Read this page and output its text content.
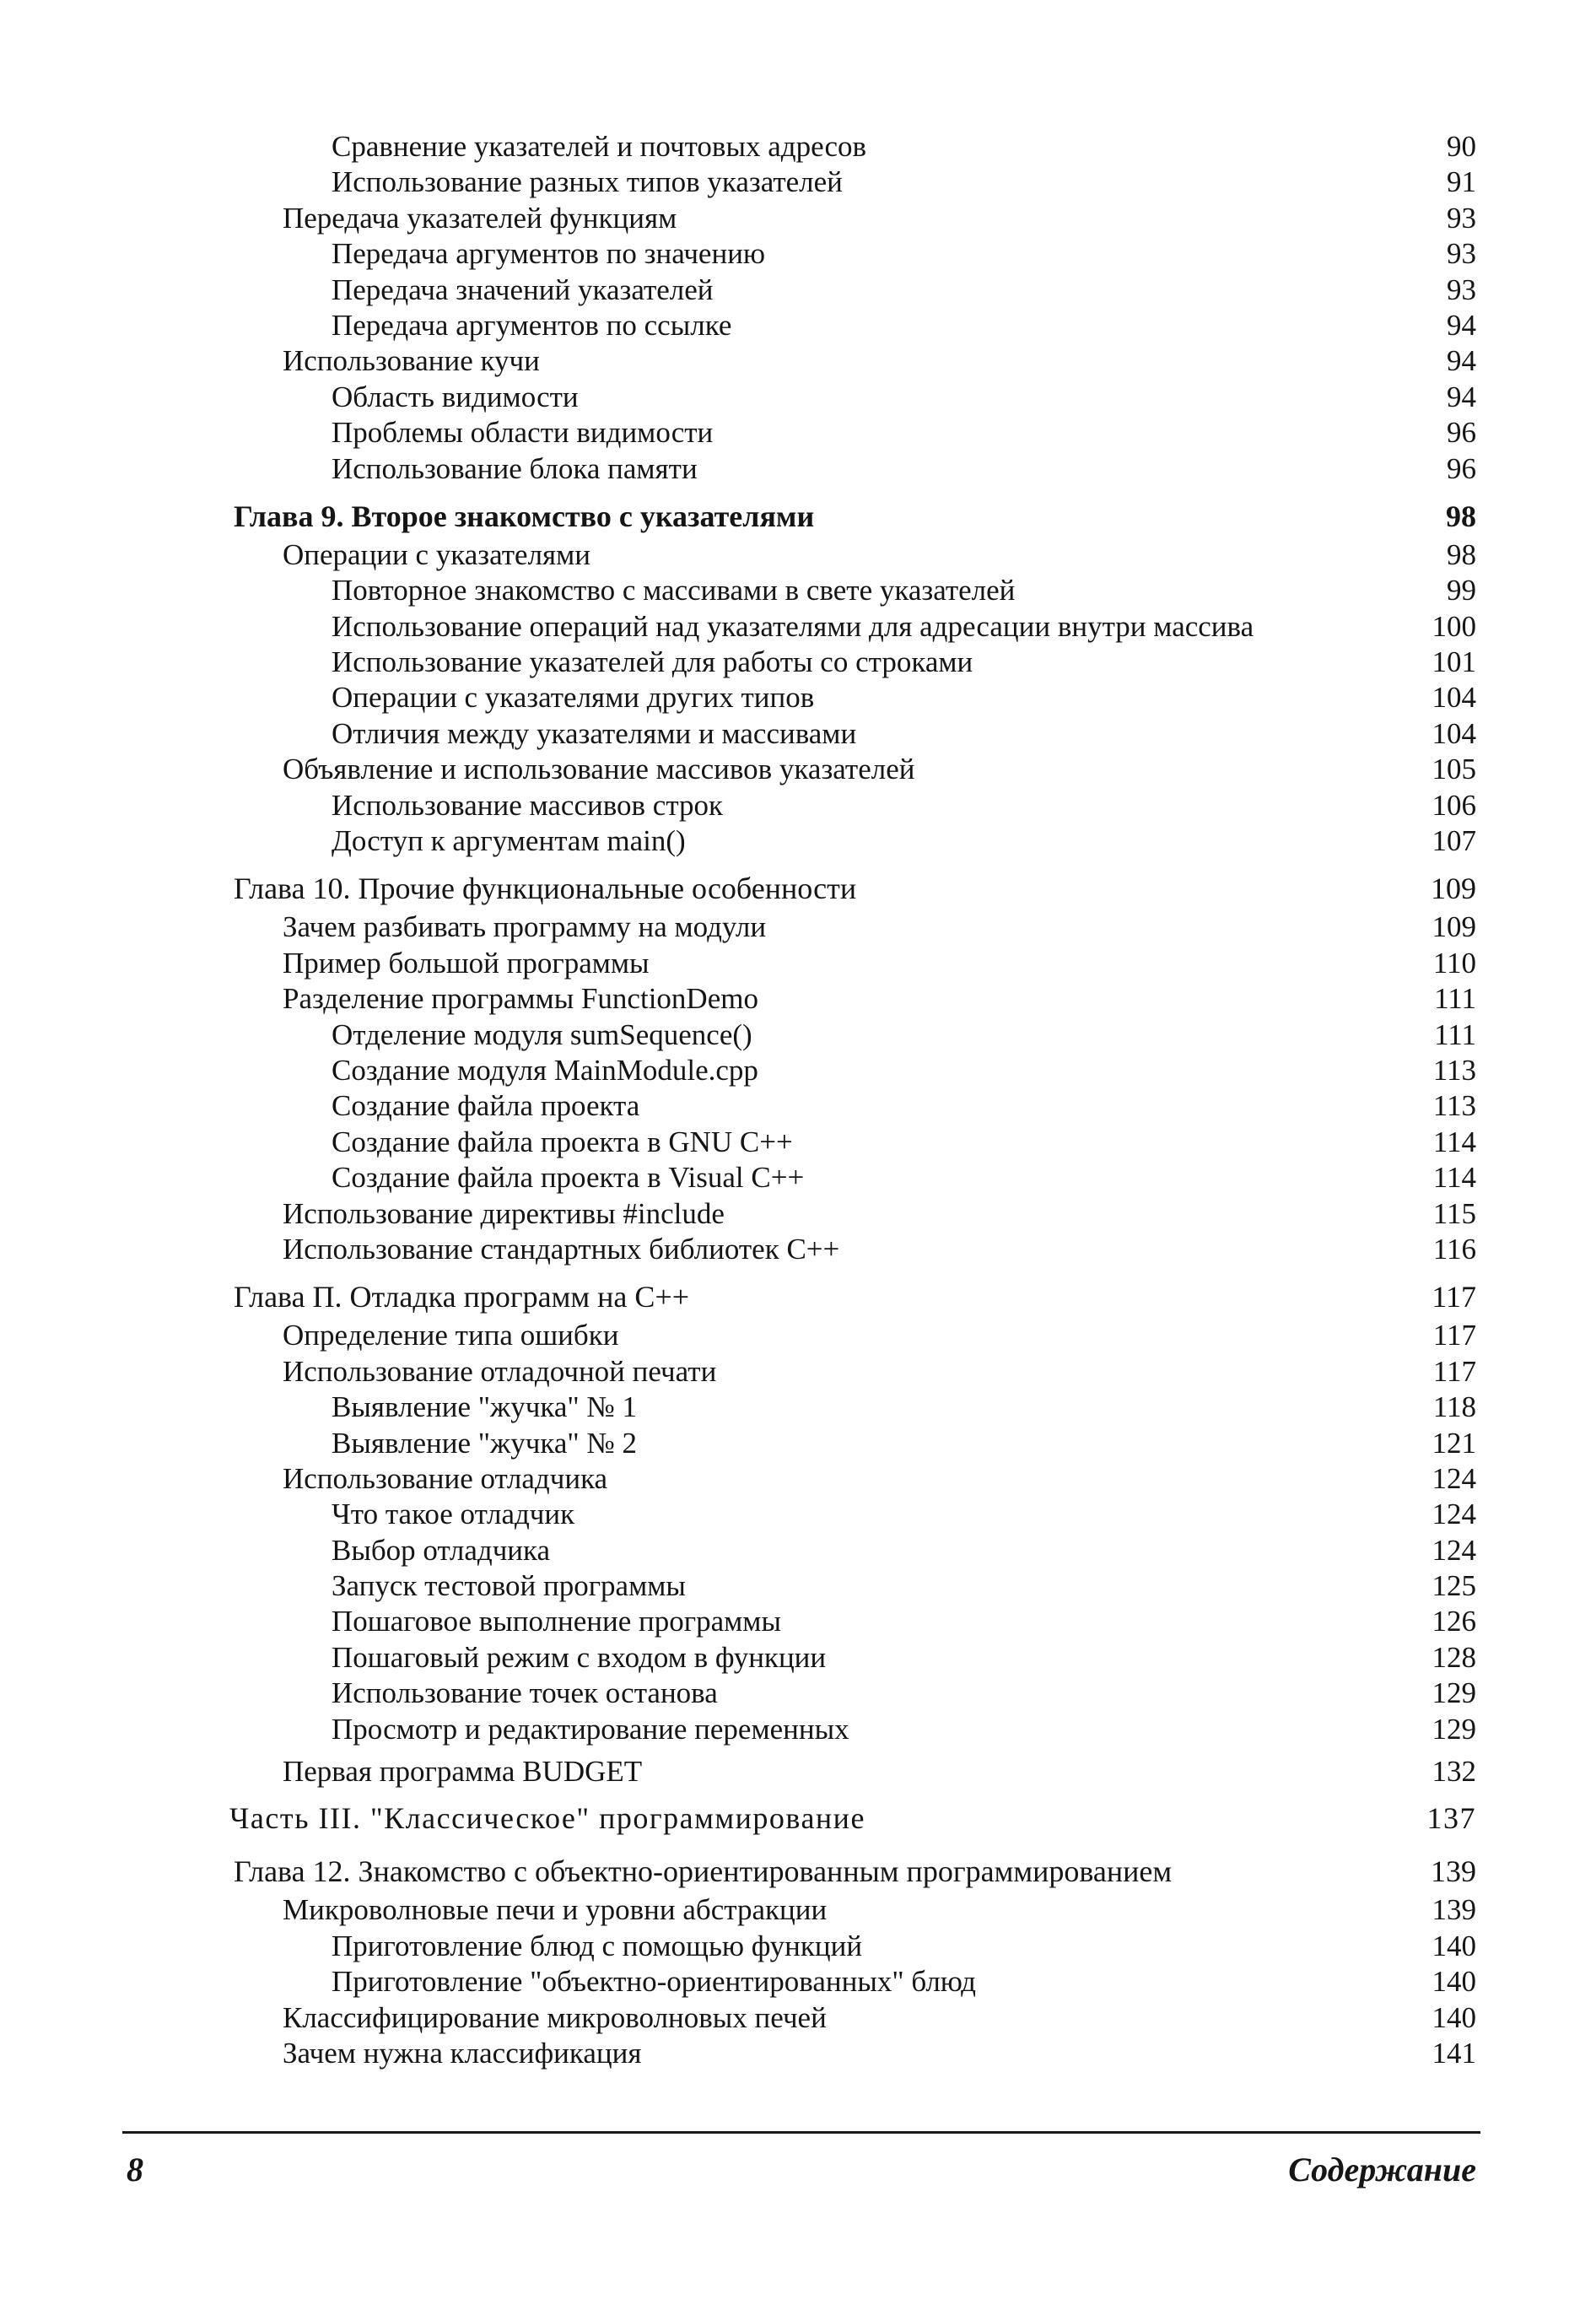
Сравнение указателей и почтовых адресов	90
Использование разных типов указателей	91
Передача указателей функциям	93
Передача аргументов по значению	93
Передача значений указателей	93
Передача аргументов по ссылке	94
Использование кучи	94
Область видимости	94
Проблемы области видимости	96
Использование блока памяти	96
Глава 9. Второе знакомство с указателями	98
Операции с указателями	98
Повторное знакомство с массивами в свете указателей	99
Использование операций над указателями для адресации внутри массива	100
Использование указателей для работы со строками	101
Операции с указателями других типов	104
Отличия между указателями и массивами	104
Объявление и использование массивов указателей	105
Использование массивов строк	106
Доступ к аргументам main()	107
Глава 10. Прочие функциональные особенности	109
Зачем разбивать программу на модули	109
Пример большой программы	110
Разделение программы FunctionDemo	111
Отделение модуля sumSequence()	111
Создание модуля MainModule.cpp	113
Создание файла проекта	113
Создание файла проекта в GNU C++	114
Создание файла проекта в Visual C++	114
Использование директивы #include	115
Использование стандартных библиотек C++	116
Глава П. Отладка программ на C++	117
Определение типа ошибки	117
Использование отладочной печати	117
Выявление "жучка" № 1	118
Выявление "жучка" № 2	121
Использование отладчика	124
Что такое отладчик	124
Выбор отладчика	124
Запуск тестовой программы	125
Пошаговое выполнение программы	126
Пошаговый режим с входом в функции	128
Использование точек останова	129
Просмотр и редактирование переменных	129
Первая программа BUDGET	132
Часть III. "Классическое" программирование	137
Глава 12. Знакомство с объектно-ориентированным программированием	139
Микроволновые печи и уровни абстракции	139
Приготовление блюд с помощью функций	140
Приготовление "объектно-ориентированных" блюд	140
Классифицирование микроволновых печей	140
Зачем нужна классификация	141
8	Содержание
